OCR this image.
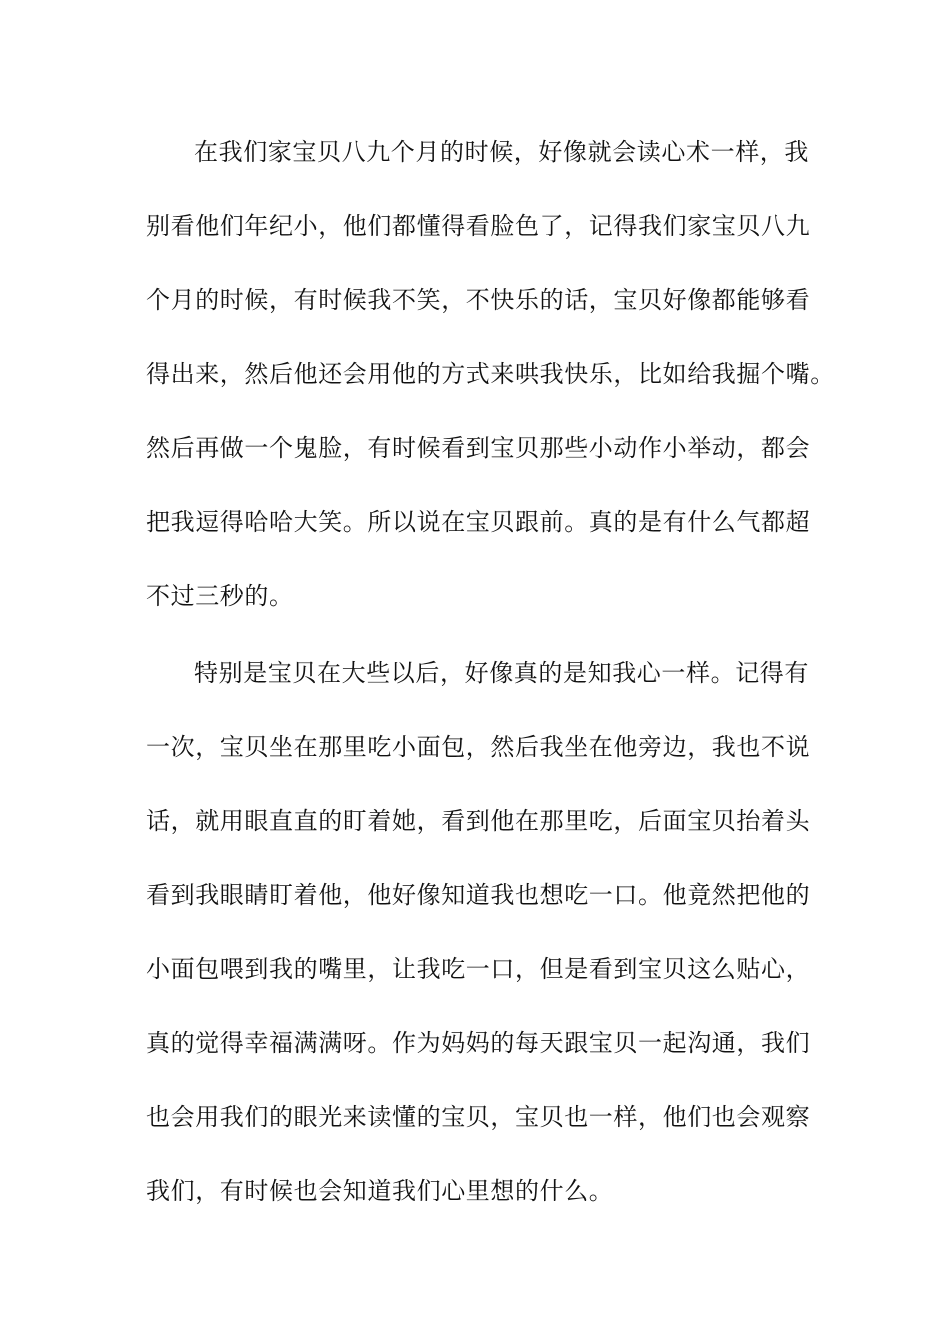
在我们家宝贝八九个月的时候，好像就会读心术一样，我
别看他们年纪小，他们都懂得看脸色了，记得我们家宝贝八九
个月的时候，有时候我不笑，不快乐的话，宝贝好像都能够看
得出来，然后他还会用他的方式来哄我快乐，比如给我掘个嘴。
然后再做一个鬼脸，有时候看到宝贝那些小动作小举动，都会
把我逗得哈哈大笑。所以说在宝贝跟前。真的是有什么气都超
不过三秒的。
特别是宝贝在大些以后，好像真的是知我心一样。记得有
一次，宝贝坐在那里吃小面包，然后我坐在他旁边，我也不说
话，就用眼直直的盯着她，看到他在那里吃，后面宝贝抬着头
看到我眼睛盯着他，他好像知道我也想吃一口。他竟然把他的
小面包喂到我的嘴里，让我吃一口，但是看到宝贝这么贴心，
真的觉得幸福满满呀。作为妈妈的每天跟宝贝一起沟通，我们
也会用我们的眼光来读懂的宝贝，宝贝也一样，他们也会观察
我们，有时候也会知道我们心里想的什么。
